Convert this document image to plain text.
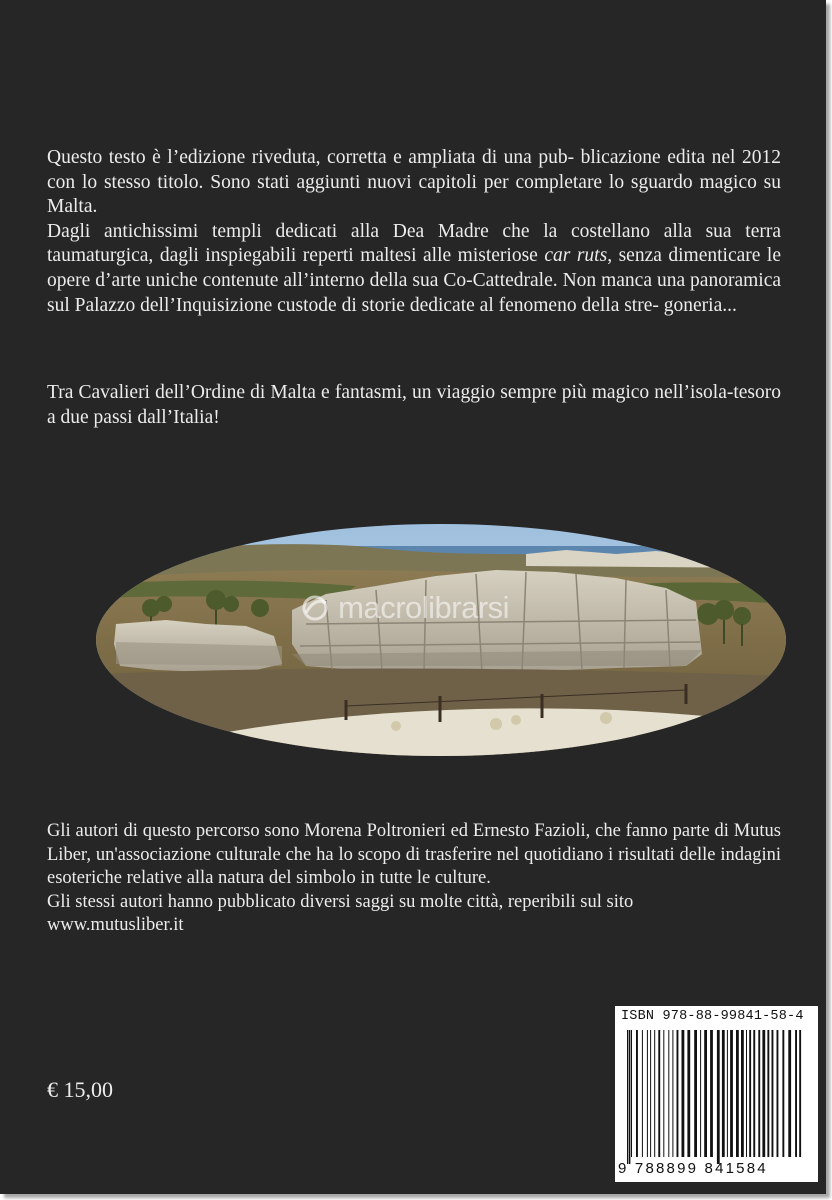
Questo testo è l’edizione riveduta, corretta e ampliata di una pub- blicazione edita nel 2012 con lo stesso titolo. Sono stati aggiunti nuovi capitoli per completare lo sguardo magico su Malta.
Dagli antichissimi templi dedicati alla Dea Madre che la costellano alla sua terra taumaturgica, dagli inspiegabili reperti maltesi alle misteriose car ruts, senza dimenticare le opere d’arte uniche contenute all’interno della sua Co-Cattedrale. Non manca una panoramica sul Palazzo dell’Inquisizione custode di storie dedicate al fenomeno della stre- goneria...

Tra Cavalieri dell’Ordine di Malta e fantasmi, un viaggio sempre più magico nell’isola-tesoro a due passi dall’Italia!

macrolibrarsi

Gli autori di questo percorso sono Morena Poltronieri ed Ernesto Fazioli, che fanno parte di Mutus Liber, un'associazione culturale che ha lo scopo di trasferire nel quotidiano i risultati delle indagini esoteriche relative alla natura del simbolo in tutte le culture.
Gli stessi autori hanno pubblicato diversi saggi su molte città, reperibili sul sito
www.mutusliber.it

€ 15,00
ISBN 978-88-99841-58-4
9 788899 841584
